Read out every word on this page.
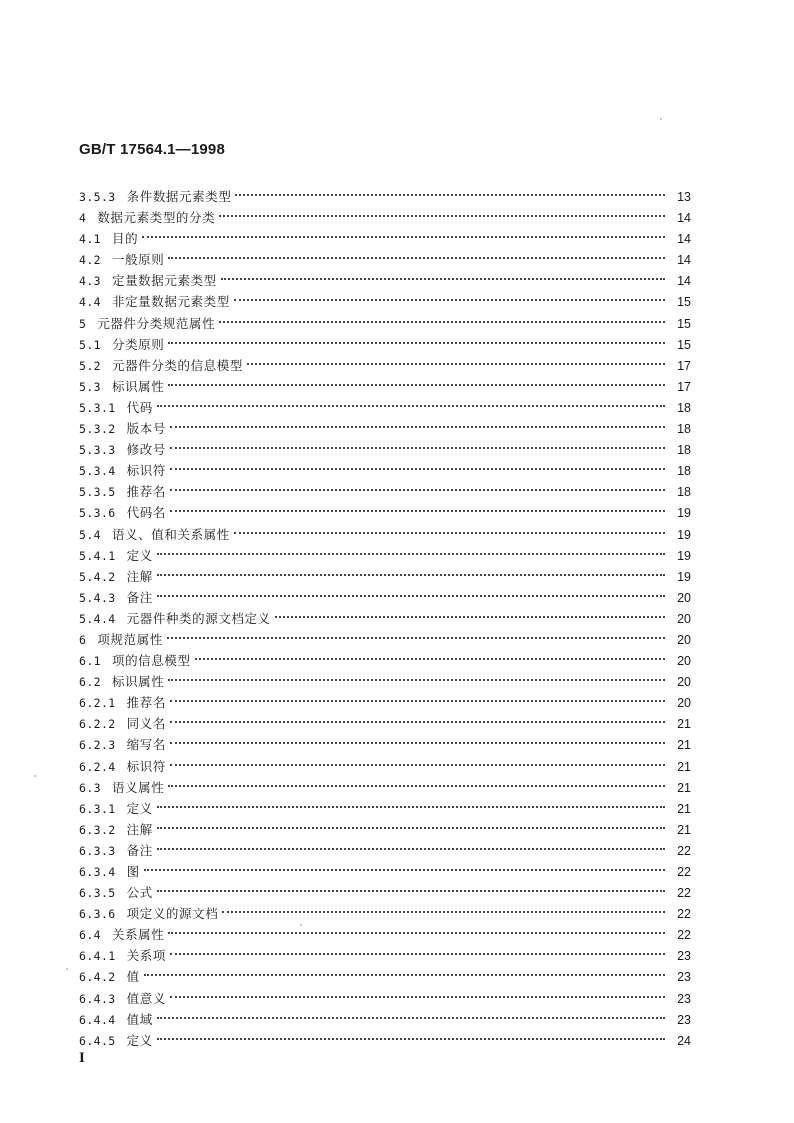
GB/T 17564.1—1998
3.5.3 条件数据元素类型	13
4 数据元素类型的分类	14
4.1 目的	14
4.2 一般原则	14
4.3 定量数据元素类型	14
4.4 非定量数据元素类型	15
5 元器件分类规范属性	15
5.1 分类原则	15
5.2 元器件分类的信息模型	17
5.3 标识属性	17
5.3.1 代码	18
5.3.2 版本号	18
5.3.3 修改号	18
5.3.4 标识符	18
5.3.5 推荐名	18
5.3.6 代码名	19
5.4 语义、值和关系属性	19
5.4.1 定义	19
5.4.2 注解	19
5.4.3 备注	20
5.4.4 元器件种类的源文档定义	20
6 项规范属性	20
6.1 项的信息模型	20
6.2 标识属性	20
6.2.1 推荐名	20
6.2.2 同义名	21
6.2.3 缩写名	21
6.2.4 标识符	21
6.3 语义属性	21
6.3.1 定义	21
6.3.2 注解	21
6.3.3 备注	22
6.3.4 图	22
6.3.5 公式	22
6.3.6 项定义的源文档	22
6.4 关系属性	22
6.4.1 关系项	23
6.4.2 值	23
6.4.3 值意义	23
6.4.4 值域	23
6.4.5 定义	24
I
